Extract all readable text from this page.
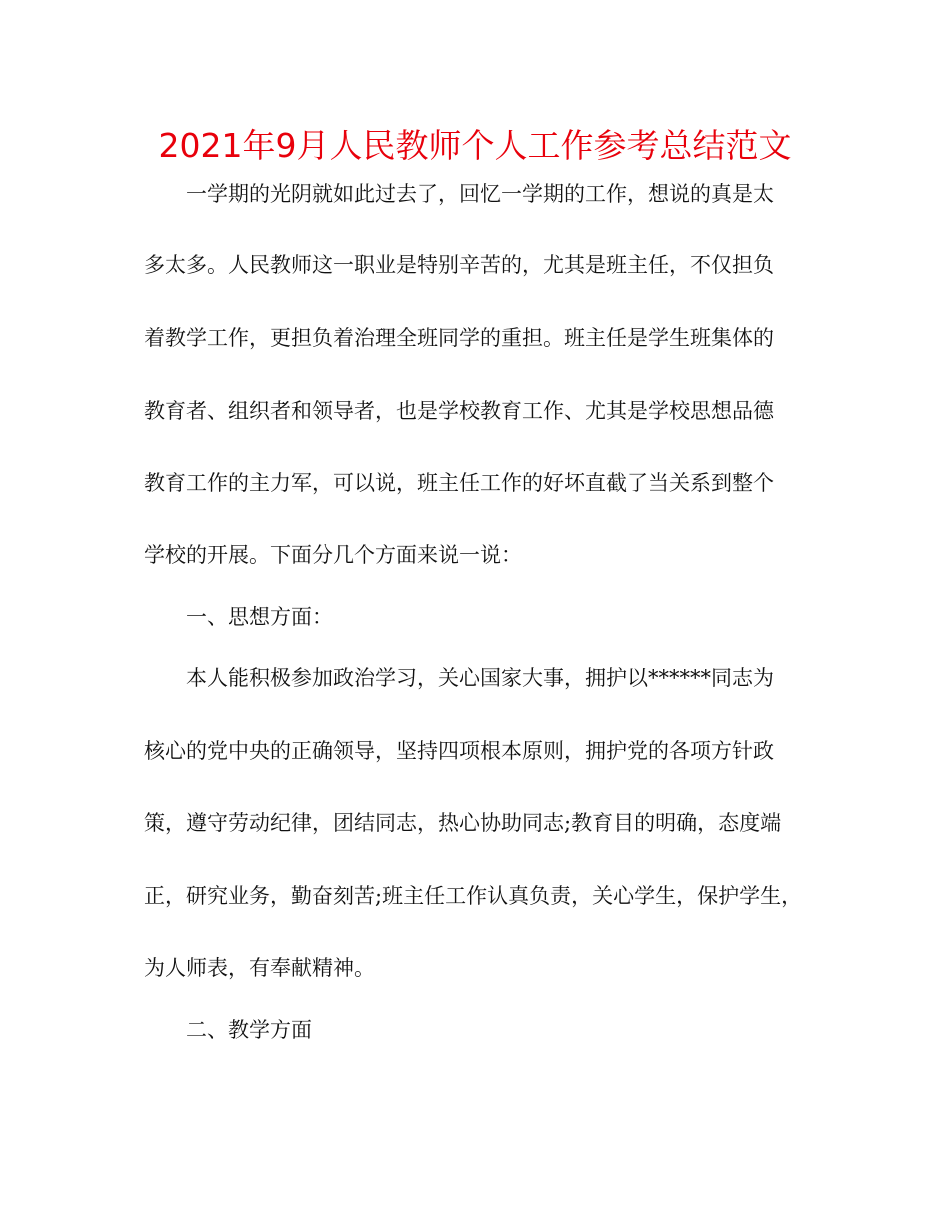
2021年9月人民教师个人工作参考总结范文

一学期的光阴就如此过去了，回忆一学期的工作，想说的真是太

多太多。人民教师这一职业是特别辛苦的，尤其是班主任，不仅担负

着教学工作，更担负着治理全班同学的重担。班主任是学生班集体的

教育者、组织者和领导者，也是学校教育工作、尤其是学校思想品德

教育工作的主力军，可以说，班主任工作的好坏直截了当关系到整个

学校的开展。下面分几个方面来说一说：

一、思想方面：

本人能积极参加政治学习，关心国家大事，拥护以******同志为

核心的党中央的正确领导，坚持四项根本原则，拥护党的各项方针政

策，遵守劳动纪律，团结同志，热心协助同志;教育目的明确，态度端

正，研究业务，勤奋刻苦;班主任工作认真负责，关心学生，保护学生，

为人师表，有奉献精神。

二、教学方面
